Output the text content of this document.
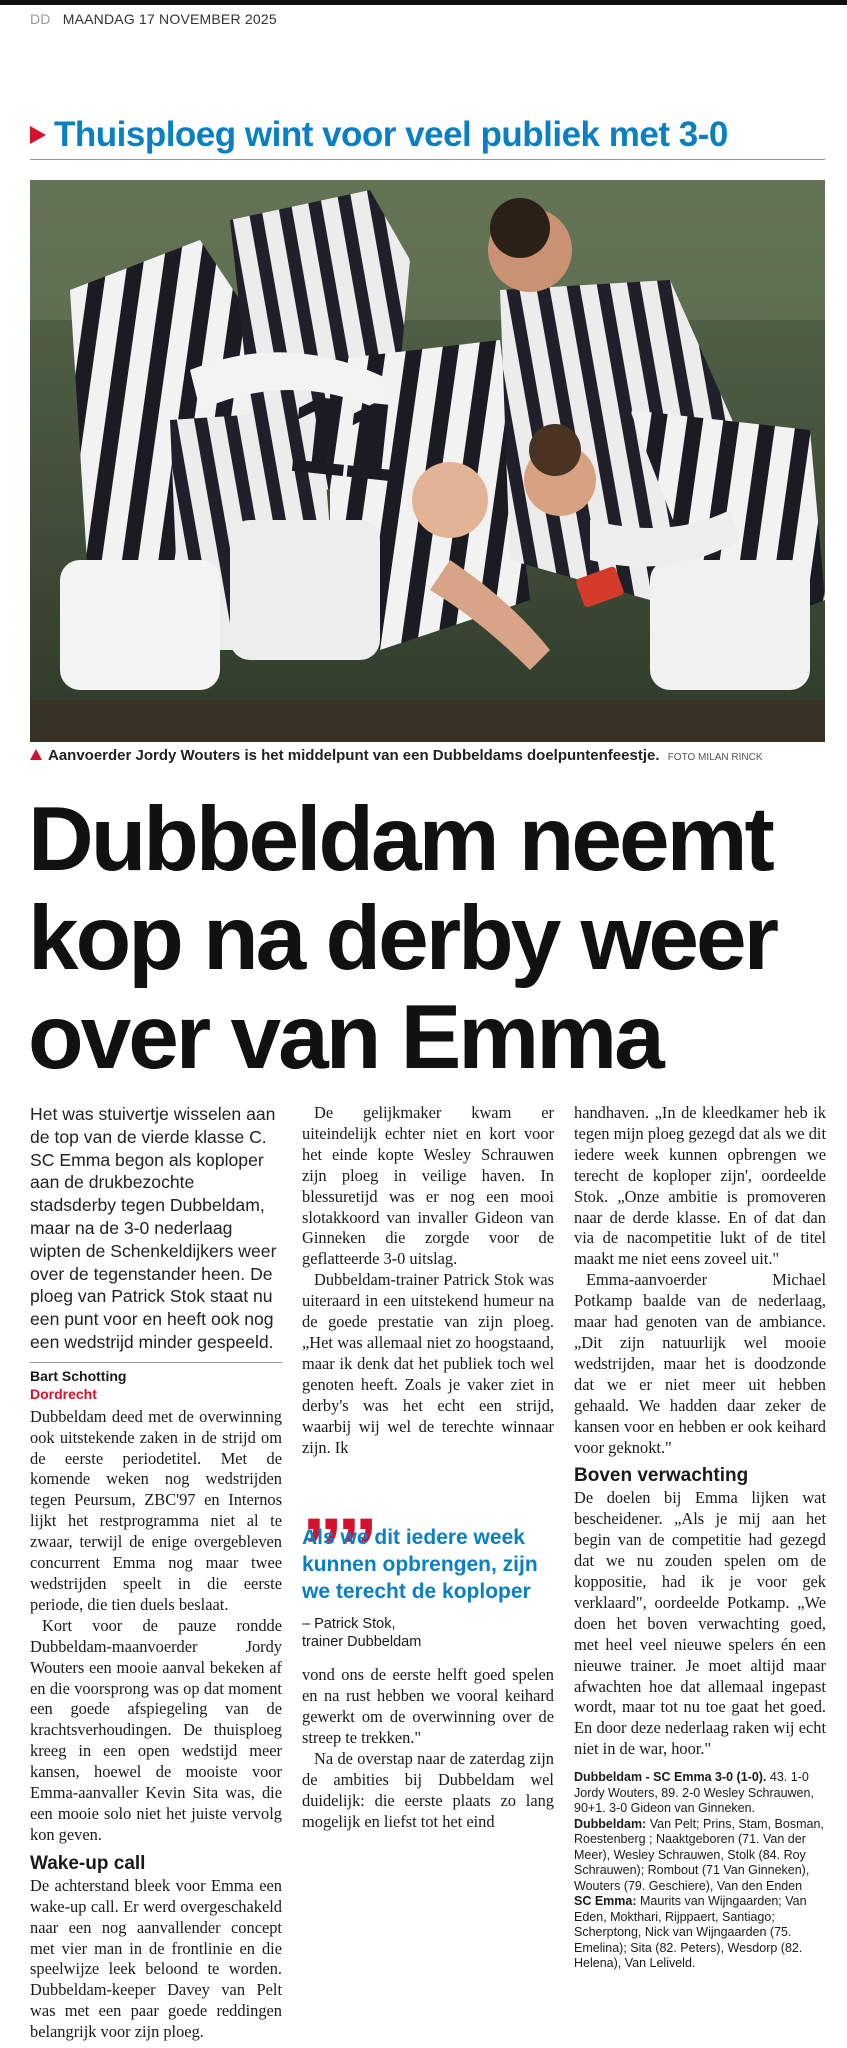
DD MAANDAG 17 NOVEMBER 2025
Thuisploeg wint voor veel publiek met 3-0
11
Aanvoerder Jordy Wouters is het middelpunt van een Dubbeldams doelpuntenfeestje. FOTO MILAN RINCK
Dubbeldam neemt
kop na derby weer
over van Emma

Het was stuivertje wisselen aan de top van de vierde klasse C. SC Emma begon als koploper aan de drukbezochte stadsderby tegen Dubbeldam, maar na de 3-0 nederlaag wipten de Schenkeldijkers weer over de tegenstander heen. De ploeg van Patrick Stok staat nu een punt voor en heeft ook nog een wedstrijd minder gespeeld.

Bart Schotting
Dordrecht

Dubbeldam deed met de overwinning ook uitstekende zaken in de strijd om de eerste periodetitel. Met de komende weken nog wedstrijden tegen Peursum, ZBC'97 en Internos lijkt het restprogramma niet al te zwaar, terwijl de enige overgebleven concurrent Emma nog maar twee wedstrijden speelt in die eerste periode, die tien duels beslaat.

Kort voor de pauze rondde Dubbeldam-maanvoerder Jordy Wouters een mooie aanval bekeken af en die voorsprong was op dat moment een goede afspiegeling van de krachtsverhoudingen. De thuisploeg kreeg in een open wedstijd meer kansen, hoewel de mooiste voor Emma-aanvaller Kevin Sita was, die een mooie solo niet het juiste vervolg kon geven.

Wake-up call

De achterstand bleek voor Emma een wake-up call. Er werd overgeschakeld naar een nog aanvallender concept met vier man in de frontlinie en die speelwijze leek beloond te worden. Dubbeldam-keeper Davey van Pelt was met een paar goede reddingen belangrijk voor zijn ploeg.

De gelijkmaker kwam er uiteindelijk echter niet en kort voor het einde kopte Wesley Schrauwen zijn ploeg in veilige haven. In blessuretijd was er nog een mooi slotakkoord van invaller Gideon van Ginneken die zorgde voor de geflatteerde 3-0 uitslag.

Dubbeldam-trainer Patrick Stok was uiteraard in een uitstekend humeur na de goede prestatie van zijn ploeg. „Het was allemaal niet zo hoogstaand, maar ik denk dat het publiek toch wel genoten heeft. Zoals je vaker ziet in derby's was het echt een strijd, waarbij wij wel de terechte winnaar zijn. Ik

„„
Als we dit iedere week kunnen opbrengen, zijn we terecht de koploper
– Patrick Stok,
trainer Dubbeldam

vond ons de eerste helft goed spelen en na rust hebben we vooral keihard gewerkt om de overwinning over de streep te trekken."

Na de overstap naar de zaterdag zijn de ambities bij Dubbeldam wel duidelijk: die eerste plaats zo lang mogelijk en liefst tot het eind

handhaven. „In de kleedkamer heb ik tegen mijn ploeg gezegd dat als we dit iedere week kunnen opbrengen we terecht de koploper zijn', oordeelde Stok. „Onze ambitie is promoveren naar de derde klasse. En of dat dan via de nacompetitie lukt of de titel maakt me niet eens zoveel uit."

Emma-aanvoerder Michael Potkamp baalde van de nederlaag, maar had genoten van de ambiance. „Dit zijn natuurlijk wel mooie wedstrijden, maar het is doodzonde dat we er niet meer uit hebben gehaald. We hadden daar zeker de kansen voor en hebben er ook keihard voor geknokt."

Boven verwachting

De doelen bij Emma lijken wat bescheidener. „Als je mij aan het begin van de competitie had gezegd dat we nu zouden spelen om de koppositie, had ik je voor gek verklaard", oordeelde Potkamp. „We doen het boven verwachting goed, met heel veel nieuwe spelers én een nieuwe trainer. Je moet altijd maar afwachten hoe dat allemaal ingepast wordt, maar tot nu toe gaat het goed. En door deze nederlaag raken wij echt niet in de war, hoor."

Dubbeldam - SC Emma 3-0 (1-0). 43. 1-0 Jordy Wouters, 89. 2-0 Wesley Schrauwen, 90+1. 3-0 Gideon van Ginneken.

Dubbeldam: Van Pelt; Prins, Stam, Bosman, Roestenberg ; Naaktgeboren (71. Van der Meer), Wesley Schrauwen, Stolk (84. Roy Schrauwen); Rombout (71 Van Ginneken), Wouters (79. Geschiere), Van den Enden

SC Emma: Maurits van Wijngaarden; Van Eden, Mokthari, Rijppaert, Santiago; Scherptong, Nick van Wijngaarden (75. Emelina); Sita (82. Peters), Wesdorp (82. Helena), Van Leliveld.
